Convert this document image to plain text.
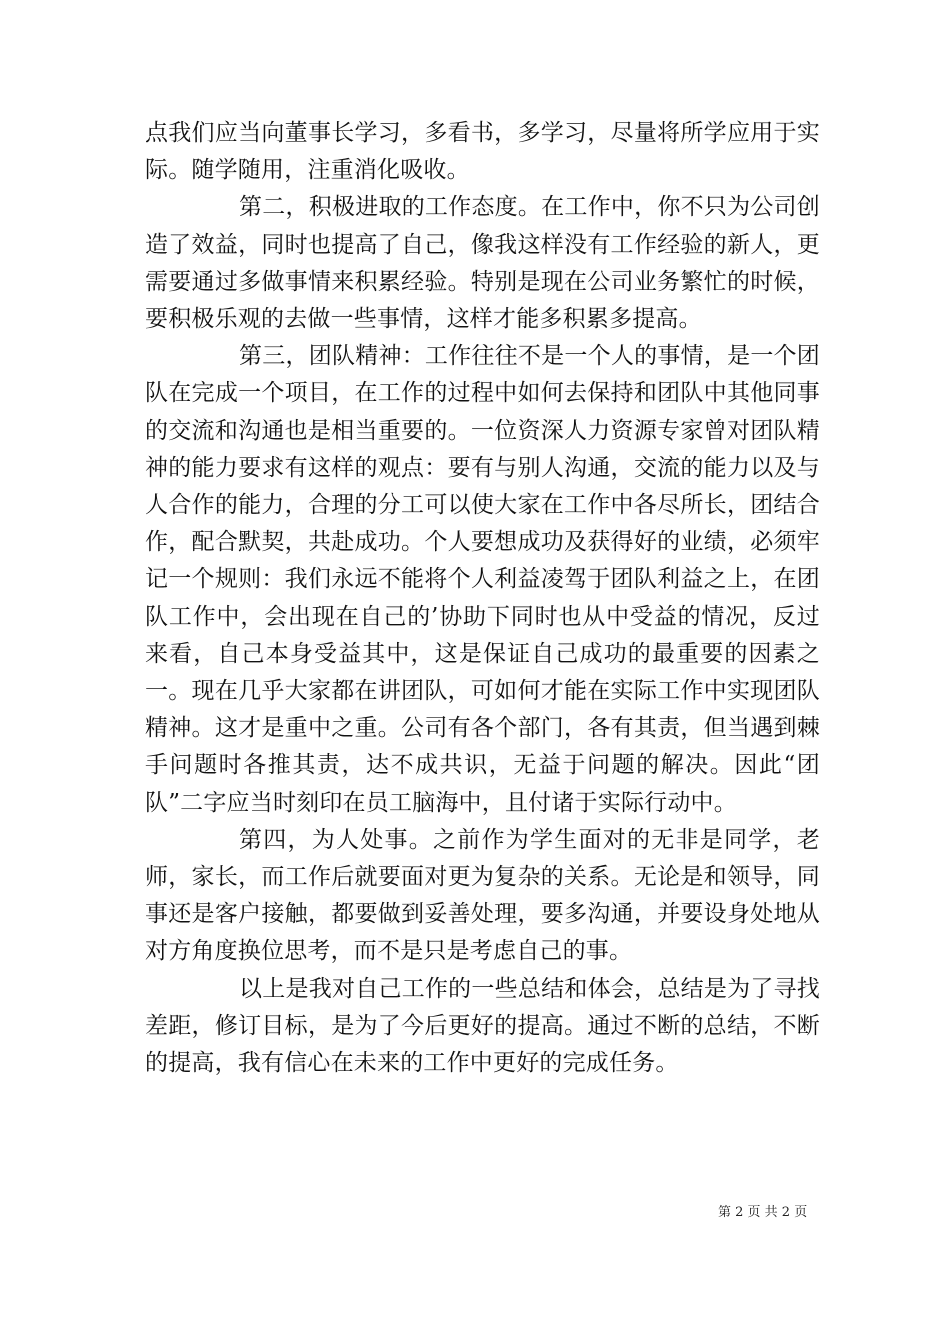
点我们应当向董事长学习，多看书，多学习，尽量将所学应用于实际。随学随用，注重消化吸收。

第二，积极进取的工作态度。在工作中，你不只为公司创造了效益，同时也提高了自己，像我这样没有工作经验的新人，更需要通过多做事情来积累经验。特别是现在公司业务繁忙的时候，要积极乐观的去做一些事情，这样才能多积累多提高。

第三，团队精神：工作往往不是一个人的事情，是一个团队在完成一个项目，在工作的过程中如何去保持和团队中其他同事的交流和沟通也是相当重要的。一位资深人力资源专家曾对团队精神的能力要求有这样的观点：要有与别人沟通，交流的能力以及与人合作的能力，合理的分工可以使大家在工作中各尽所长，团结合作，配合默契，共赴成功。个人要想成功及获得好的业绩，必须牢记一个规则：我们永远不能将个人利益凌驾于团队利益之上，在团队工作中，会出现在自己的’协助下同时也从中受益的情况，反过来看，自己本身受益其中，这是保证自己成功的最重要的因素之一。现在几乎大家都在讲团队，可如何才能在实际工作中实现团队精神。这才是重中之重。公司有各个部门，各有其责，但当遇到棘手问题时各推其责，达不成共识，无益于问题的解决。因此“团队”二字应当时刻印在员工脑海中，且付诸于实际行动中。

第四，为人处事。之前作为学生面对的无非是同学，老师，家长，而工作后就要面对更为复杂的关系。无论是和领导，同事还是客户接触，都要做到妥善处理，要多沟通，并要设身处地从对方角度换位思考，而不是只是考虑自己的事。

以上是我对自己工作的一些总结和体会，总结是为了寻找差距，修订目标，是为了今后更好的提高。通过不断的总结，不断的提高，我有信心在未来的工作中更好的完成任务。

第 2 页 共 2 页
